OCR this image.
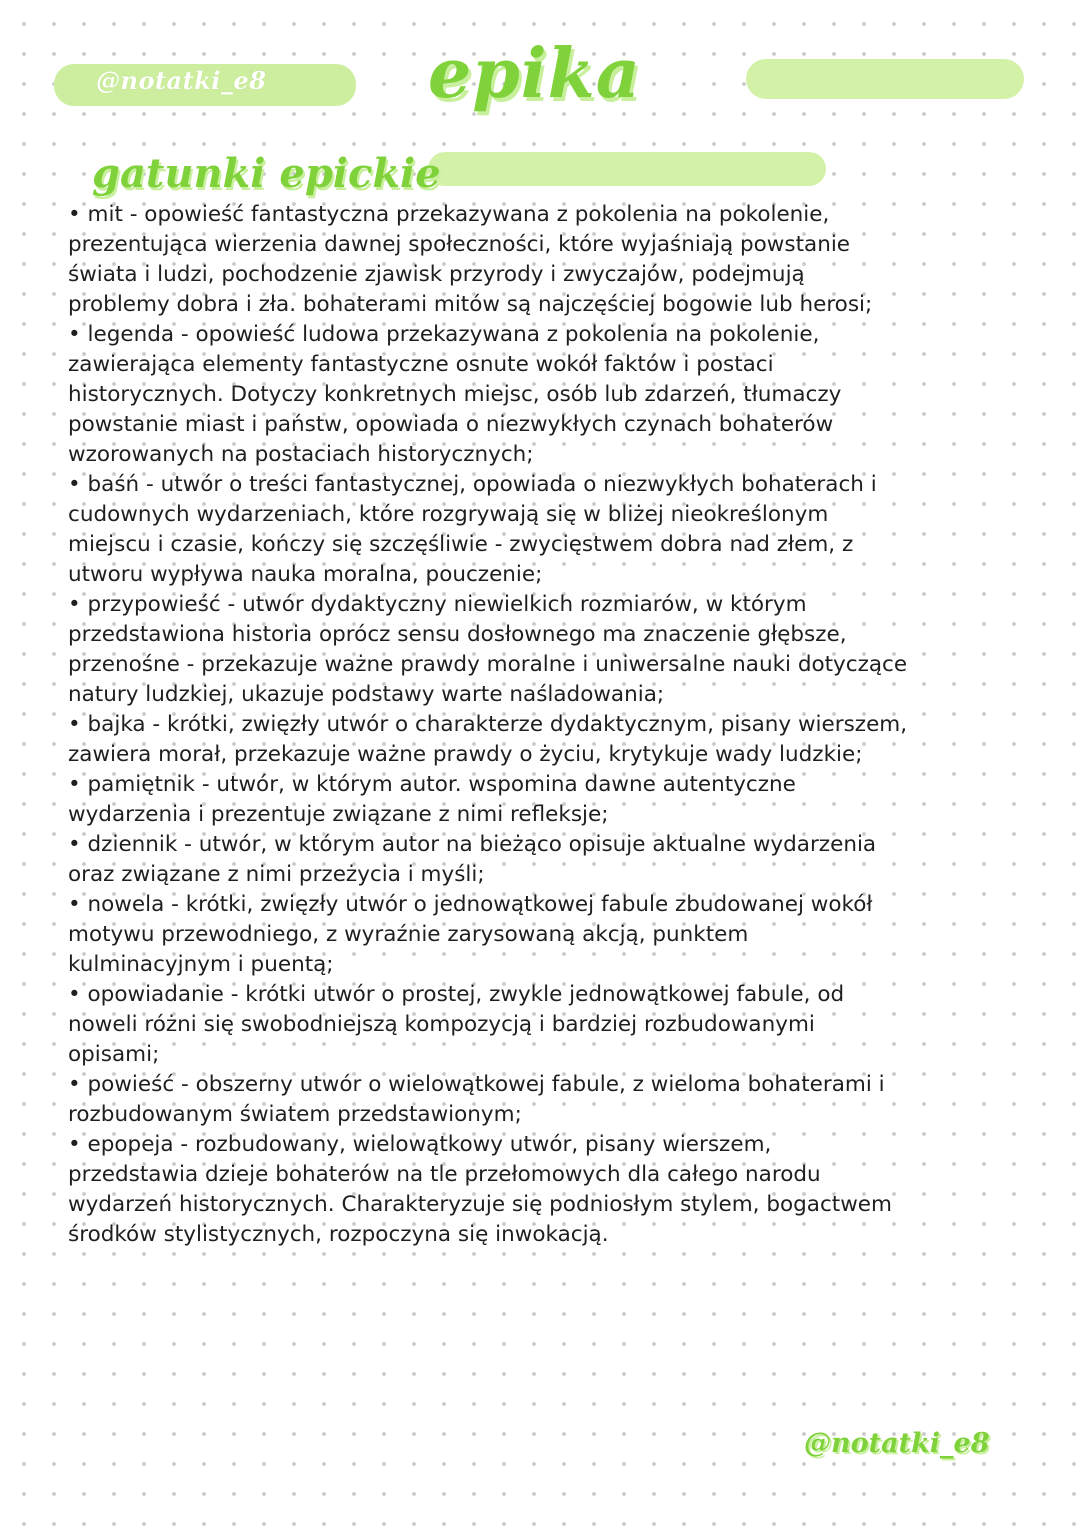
@notatki_e8 epika
gatunki epickie
• mit - opowieść fantastyczna przekazywana z pokolenia na pokolenie, prezentująca wierzenia dawnej społeczności, które wyjaśniają powstanie świata i ludzi, pochodzenie zjawisk przyrody i zwyczajów, podejmują problemy dobra i zła. bohaterami mitów są najczęściej bogowie lub herosi;
• legenda - opowieść ludowa przekazywana z pokolenia na pokolenie, zawierająca elementy fantastyczne osnute wokół faktów i postaci historycznych. Dotyczy konkretnych miejsc, osób lub zdarzeń, tłumaczy powstanie miast i państw, opowiada o niezwykłych czynach bohaterów wzorowanych na postaciach historycznych;
• baśń - utwór o treści fantastycznej, opowiada o niezwykłych bohaterach i cudownych wydarzeniach, które rozgrywają się w bliżej nieokreślonym miejscu i czasie, kończy się szczęśliwie - zwycięstwem dobra nad złem, z utworu wypływa nauka moralna, pouczenie;
• przypowieść - utwór dydaktyczny niewielkich rozmiarów, w którym przedstawiona historia oprócz sensu dosłownego ma znaczenie głębsze, przenośne - przekazuje ważne prawdy moralne i uniwersalne nauki dotyczące natury ludzkiej, ukazuje podstawy warte naśladowania;
• bajka - krótki, zwięzły utwór o charakterze dydaktycznym, pisany wierszem, zawiera morał, przekazuje ważne prawdy o życiu, krytykuje wady ludzkie;
• pamiętnik - utwór, w którym autor. wspomina dawne autentyczne wydarzenia i prezentuje związane z nimi refleksje;
• dziennik - utwór, w którym autor na bieżąco opisuje aktualne wydarzenia oraz związane z nimi przeżycia i myśli;
• nowela - krótki, zwięzły utwór o jednowątkowej fabule zbudowanej wokół motywu przewodniego, z wyraźnie zarysowaną akcją, punktem kulminacyjnym i puentą;
• opowiadanie - krótki utwór o prostej, zwykle jednowątkowej fabule, od noweli różni się swobodniejszą kompozycją i bardziej rozbudowanymi opisami;
• powieść - obszerny utwór o wielowątkowej fabule, z wieloma bohaterami i rozbudowanym światem przedstawionym;
• epopeja - rozbudowany, wielowątkowy utwór, pisany wierszem, przedstawia dzieje bohaterów na tle przełomowych dla całego narodu wydarzeń historycznych. Charakteryzuje się podniosłym stylem, bogactwem środków stylistycznych, rozpoczyna się inwokacją.
@notatki_e8
